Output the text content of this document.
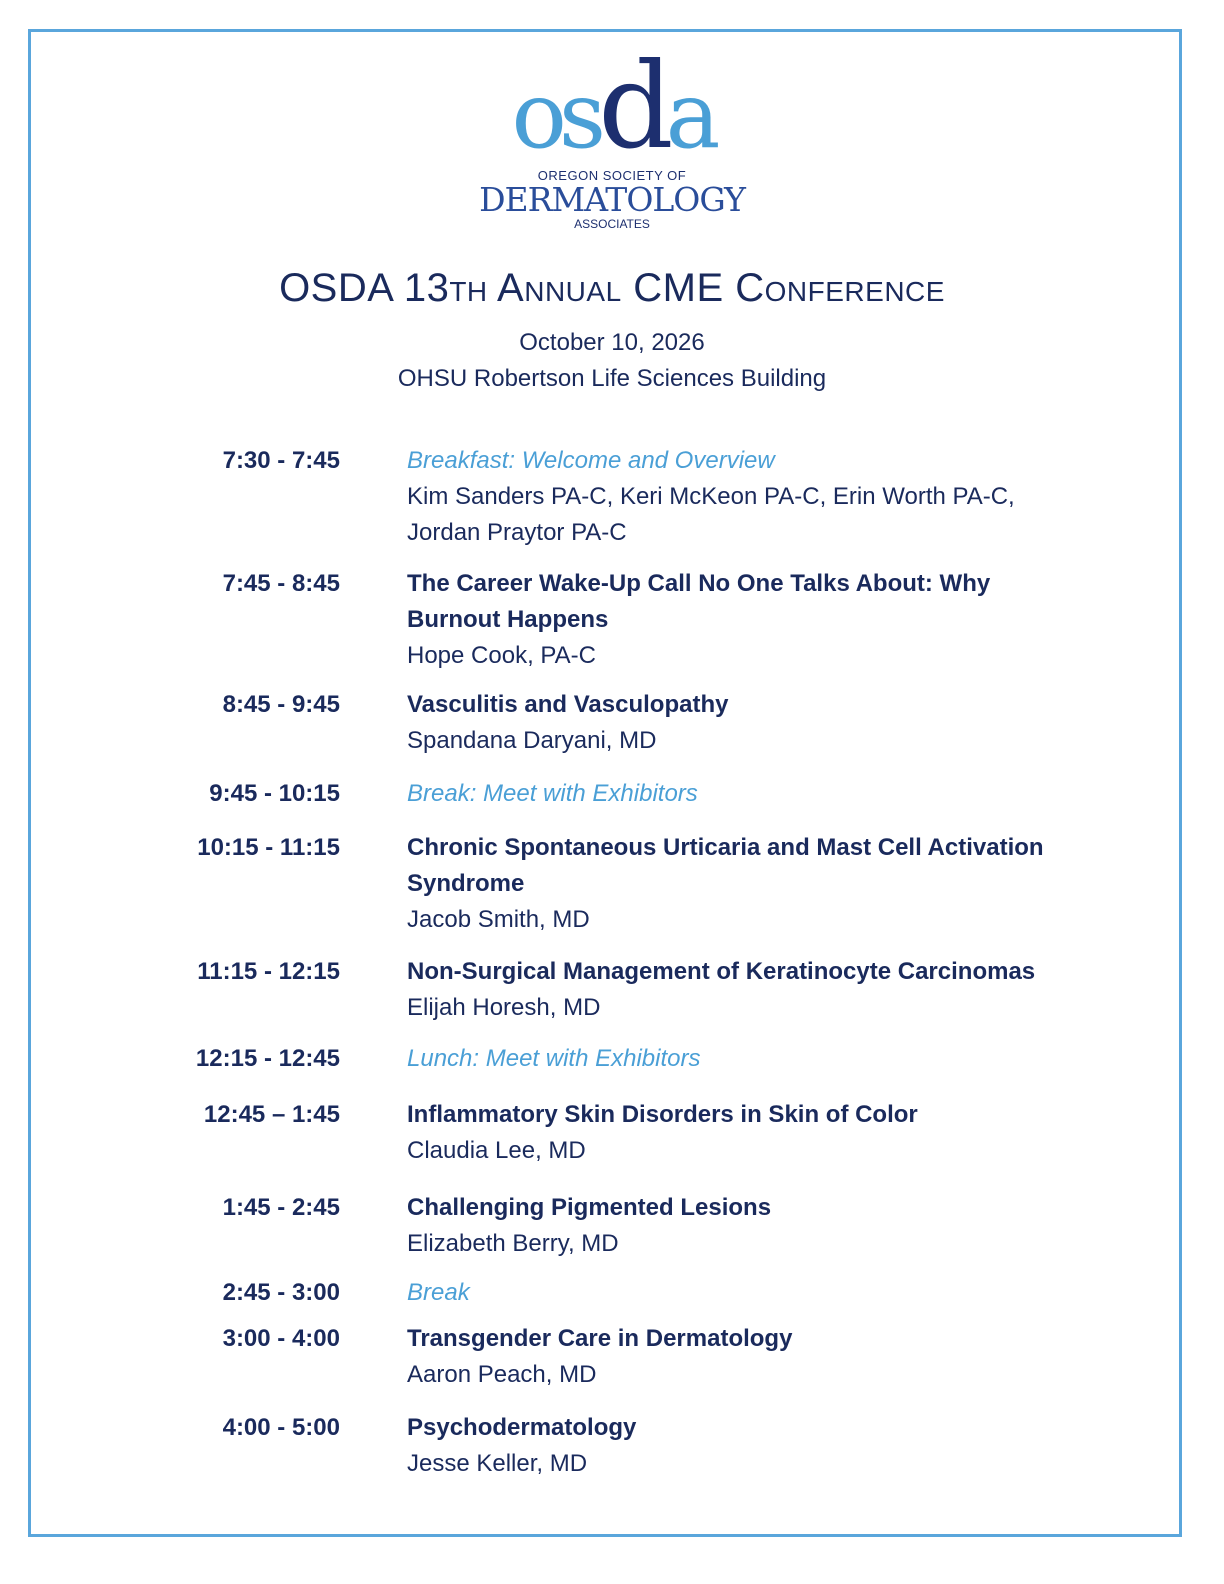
osda
OREGON SOCIETY OF
DERMATOLOGY
ASSOCIATES
OSDA 13th Annual CME Conference
October 10, 2026
OHSU Robertson Life Sciences Building
7:30 - 7:45	Breakfast: Welcome and Overview
Kim Sanders PA-C, Keri McKeon PA-C, Erin Worth PA-C,
Jordan Praytor PA-C
7:45 - 8:45	The Career Wake-Up Call No One Talks About: Why
Burnout Happens
Hope Cook, PA-C
8:45 - 9:45	Vasculitis and Vasculopathy
Spandana Daryani, MD
9:45 - 10:15	Break: Meet with Exhibitors
10:15 - 11:15	Chronic Spontaneous Urticaria and Mast Cell Activation
Syndrome
Jacob Smith, MD
11:15 - 12:15	Non-Surgical Management of Keratinocyte Carcinomas
Elijah Horesh, MD
12:15 - 12:45	Lunch: Meet with Exhibitors
12:45 – 1:45	Inflammatory Skin Disorders in Skin of Color
Claudia Lee, MD
1:45 - 2:45	Challenging Pigmented Lesions
Elizabeth Berry, MD
2:45 - 3:00	Break
3:00 - 4:00	Transgender Care in Dermatology
Aaron Peach, MD
4:00 - 5:00	Psychodermatology
Jesse Keller, MD
